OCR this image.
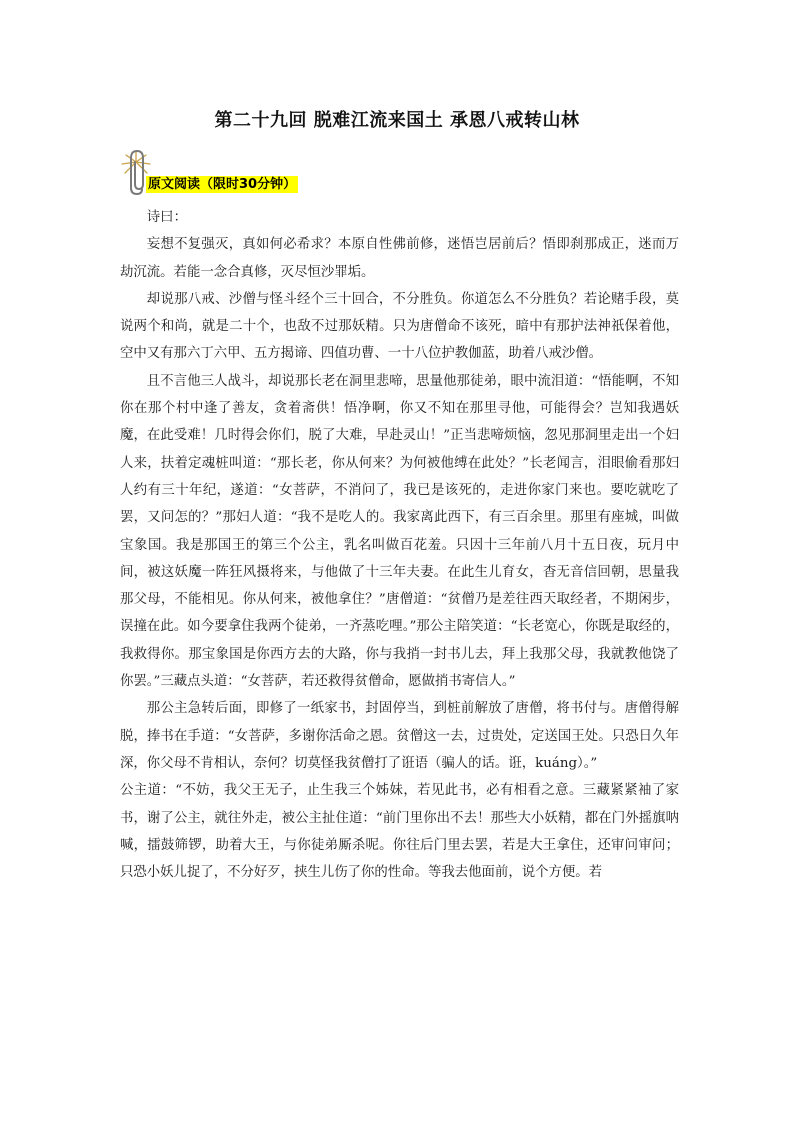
第二十九回 脱难江流来国土 承恩八戒转山林
原文阅读（限时30分钟）

诗曰：

妄想不复强灭，真如何必希求？本原自性佛前修，迷悟岂居前后？悟即刹那成正，迷而万劫沉流。若能一念合真修，灭尽恒沙罪垢。

却说那八戒、沙僧与怪斗经个三十回合，不分胜负。你道怎么不分胜负？若论赌手段，莫说两个和尚，就是二十个，也敌不过那妖精。只为唐僧命不该死，暗中有那护法神祇保着他，空中又有那六丁六甲、五方揭谛、四值功曹、一十八位护教伽蓝，助着八戒沙僧。

且不言他三人战斗，却说那长老在洞里悲啼，思量他那徒弟，眼中流泪道：“悟能啊，不知你在那个村中逢了善友，贪着斋供！悟净啊，你又不知在那里寻他，可能得会？岂知我遇妖魔，在此受难！几时得会你们，脱了大难，早赴灵山！”正当悲啼烦恼，忽见那洞里走出一个妇人来，扶着定魂桩叫道：“那长老，你从何来？为何被他缚在此处？”长老闻言，泪眼偷看那妇人约有三十年纪，遂道：“女菩萨，不消问了，我已是该死的，走进你家门来也。要吃就吃了罢，又问怎的？”那妇人道：“我不是吃人的。我家离此西下，有三百余里。那里有座城，叫做宝象国。我是那国王的第三个公主，乳名叫做百花羞。只因十三年前八月十五日夜，玩月中间，被这妖魔一阵狂风摄将来，与他做了十三年夫妻。在此生儿育女，杳无音信回朝，思量我那父母，不能相见。你从何来，被他拿住？”唐僧道：“贫僧乃是差往西天取经者，不期闲步，误撞在此。如今要拿住我两个徒弟，一齐蒸吃哩。”那公主陪笑道：“长老宽心，你既是取经的，我救得你。那宝象国是你西方去的大路，你与我捎一封书儿去，拜上我那父母，我就教他饶了你罢。”三藏点头道：“女菩萨，若还救得贫僧命，愿做捎书寄信人。”

那公主急转后面，即修了一纸家书，封固停当，到桩前解放了唐僧，将书付与。唐僧得解脱，捧书在手道：“女菩萨，多谢你活命之恩。贫僧这一去，过贵处，定送国王处。只恐日久年深，你父母不肯相认，奈何？切莫怪我贫僧打了诳语（骗人的话。诳，kuáng）。”

公主道：“不妨，我父王无子，止生我三个姊妹，若见此书，必有相看之意。三藏紧紧袖了家书，谢了公主，就往外走，被公主扯住道：“前门里你出不去！那些大小妖精，都在门外摇旗呐喊，擂鼓筛锣，助着大王，与你徒弟厮杀呢。你往后门里去罢，若是大王拿住，还审问审问；只恐小妖儿捉了，不分好歹，挟生儿伤了你的性命。等我去他面前，说个方便。若
